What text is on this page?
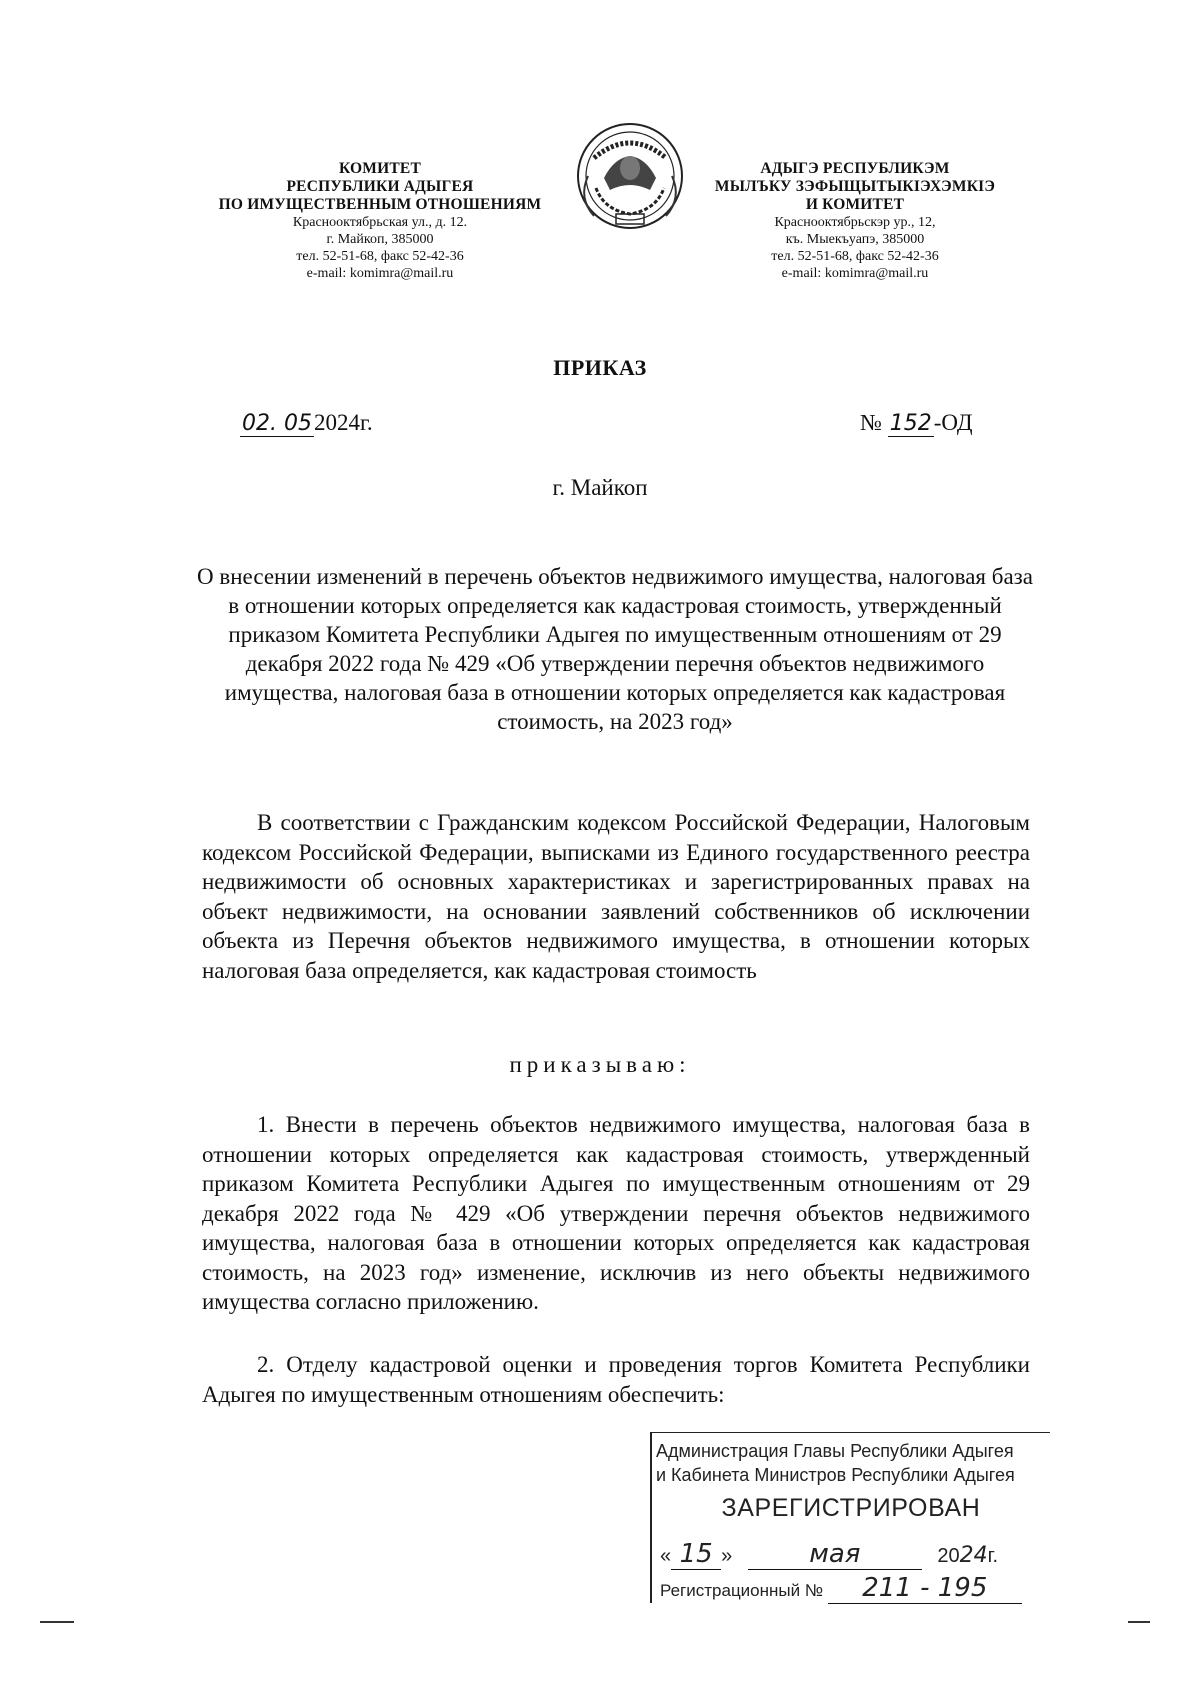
КОМИТЕТ
РЕСПУБЛИКИ АДЫГЕЯ
ПО ИМУЩЕСТВЕННЫМ ОТНОШЕНИЯМ
Краснооктябрьская ул., д. 12.
г. Майкоп, 385000
тел. 52-51-68, факс 52-42-36
e-mail: komimra@mail.ru
АДЫГЭ РЕСПУБЛИКЭМ
МЫЛЪКУ ЗЭФЫЩЫТЫКІЭХЭМКІЭ
И КОМИТЕТ
Краснооктябрьскэр ур., 12,
къ. Мыекъуапэ, 385000
тел. 52-51-68, факс 52-42-36
e-mail: komimra@mail.ru
ПРИКАЗ
02. 052024г.	№ 152-ОД
г. Майкоп
О внесении изменений в перечень объектов недвижимого имущества, налоговая база в отношении которых определяется как кадастровая стоимость, утвержденный приказом Комитета Республики Адыгея по имущественным отношениям от 29 декабря 2022 года № 429 «Об утверждении перечня объектов недвижимого имущества, налоговая база в отношении которых определяется как кадастровая стоимость, на 2023 год»
В соответствии с Гражданским кодексом Российской Федерации, Налоговым кодексом Российской Федерации, выписками из Единого государственного реестра недвижимости об основных характеристиках и зарегистрированных правах на объект недвижимости, на основании заявлений собственников об исключении объекта из Перечня объектов недвижимого имущества, в отношении которых налоговая база определяется, как кадастровая стоимость
приказываю:
1. Внести в перечень объектов недвижимого имущества, налоговая база в отношении которых определяется как кадастровая стоимость, утвержденный приказом Комитета Республики Адыгея по имущественным отношениям от 29 декабря 2022 года № 429 «Об утверждении перечня объектов недвижимого имущества, налоговая база в отношении которых определяется как кадастровая стоимость, на 2023 год» изменение, исключив из него объекты недвижимого имущества согласно приложению.
2. Отделу кадастровой оценки и проведения торгов Комитета Республики Адыгея по имущественным отношениям обеспечить:
Администрация Главы Республики Адыгея
и Кабинета Министров Республики Адыгея
ЗАРЕГИСТРИРОВАН
« 15 »	мая	2024г.
Регистрационный № 211 - 195
